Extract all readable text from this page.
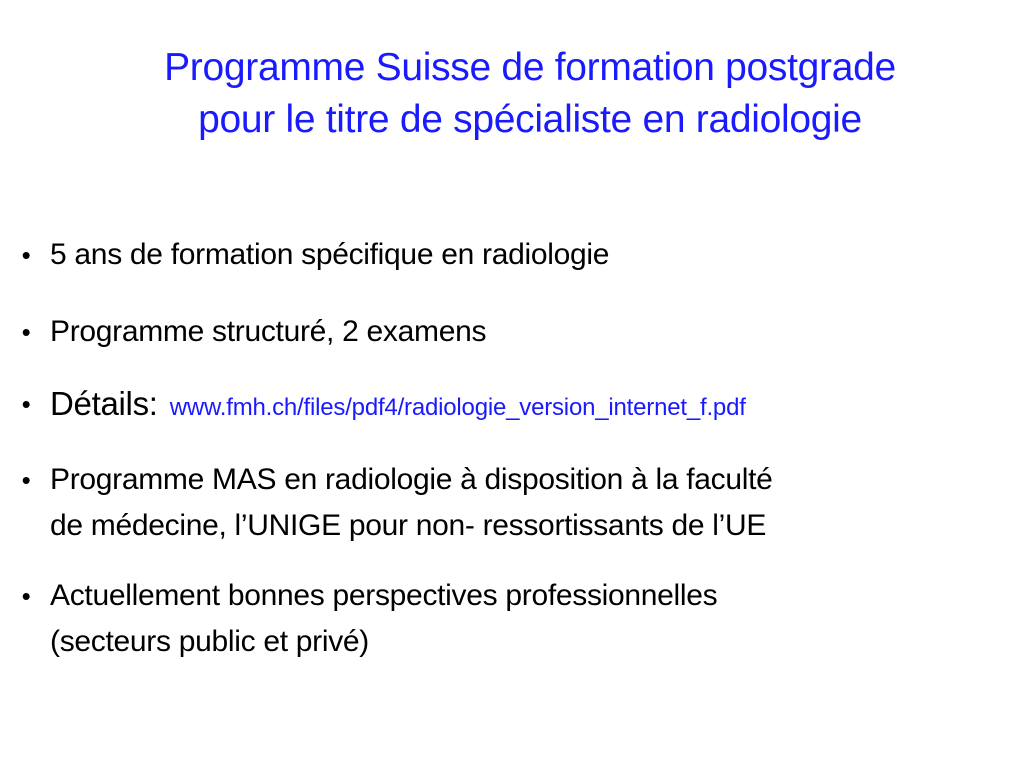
Programme Suisse de formation postgrade
pour le titre de spécialiste en radiologie
• 5 ans de formation spécifique en radiologie
• Programme structuré, 2 examens
• Détails: www.fmh.ch/files/pdf4/radiologie_version_internet_f.pdf
• Programme MAS en radiologie à disposition à la faculté
de médecine, l’UNIGE pour non- ressortissants de l’UE
• Actuellement bonnes perspectives professionnelles
(secteurs public et privé)
